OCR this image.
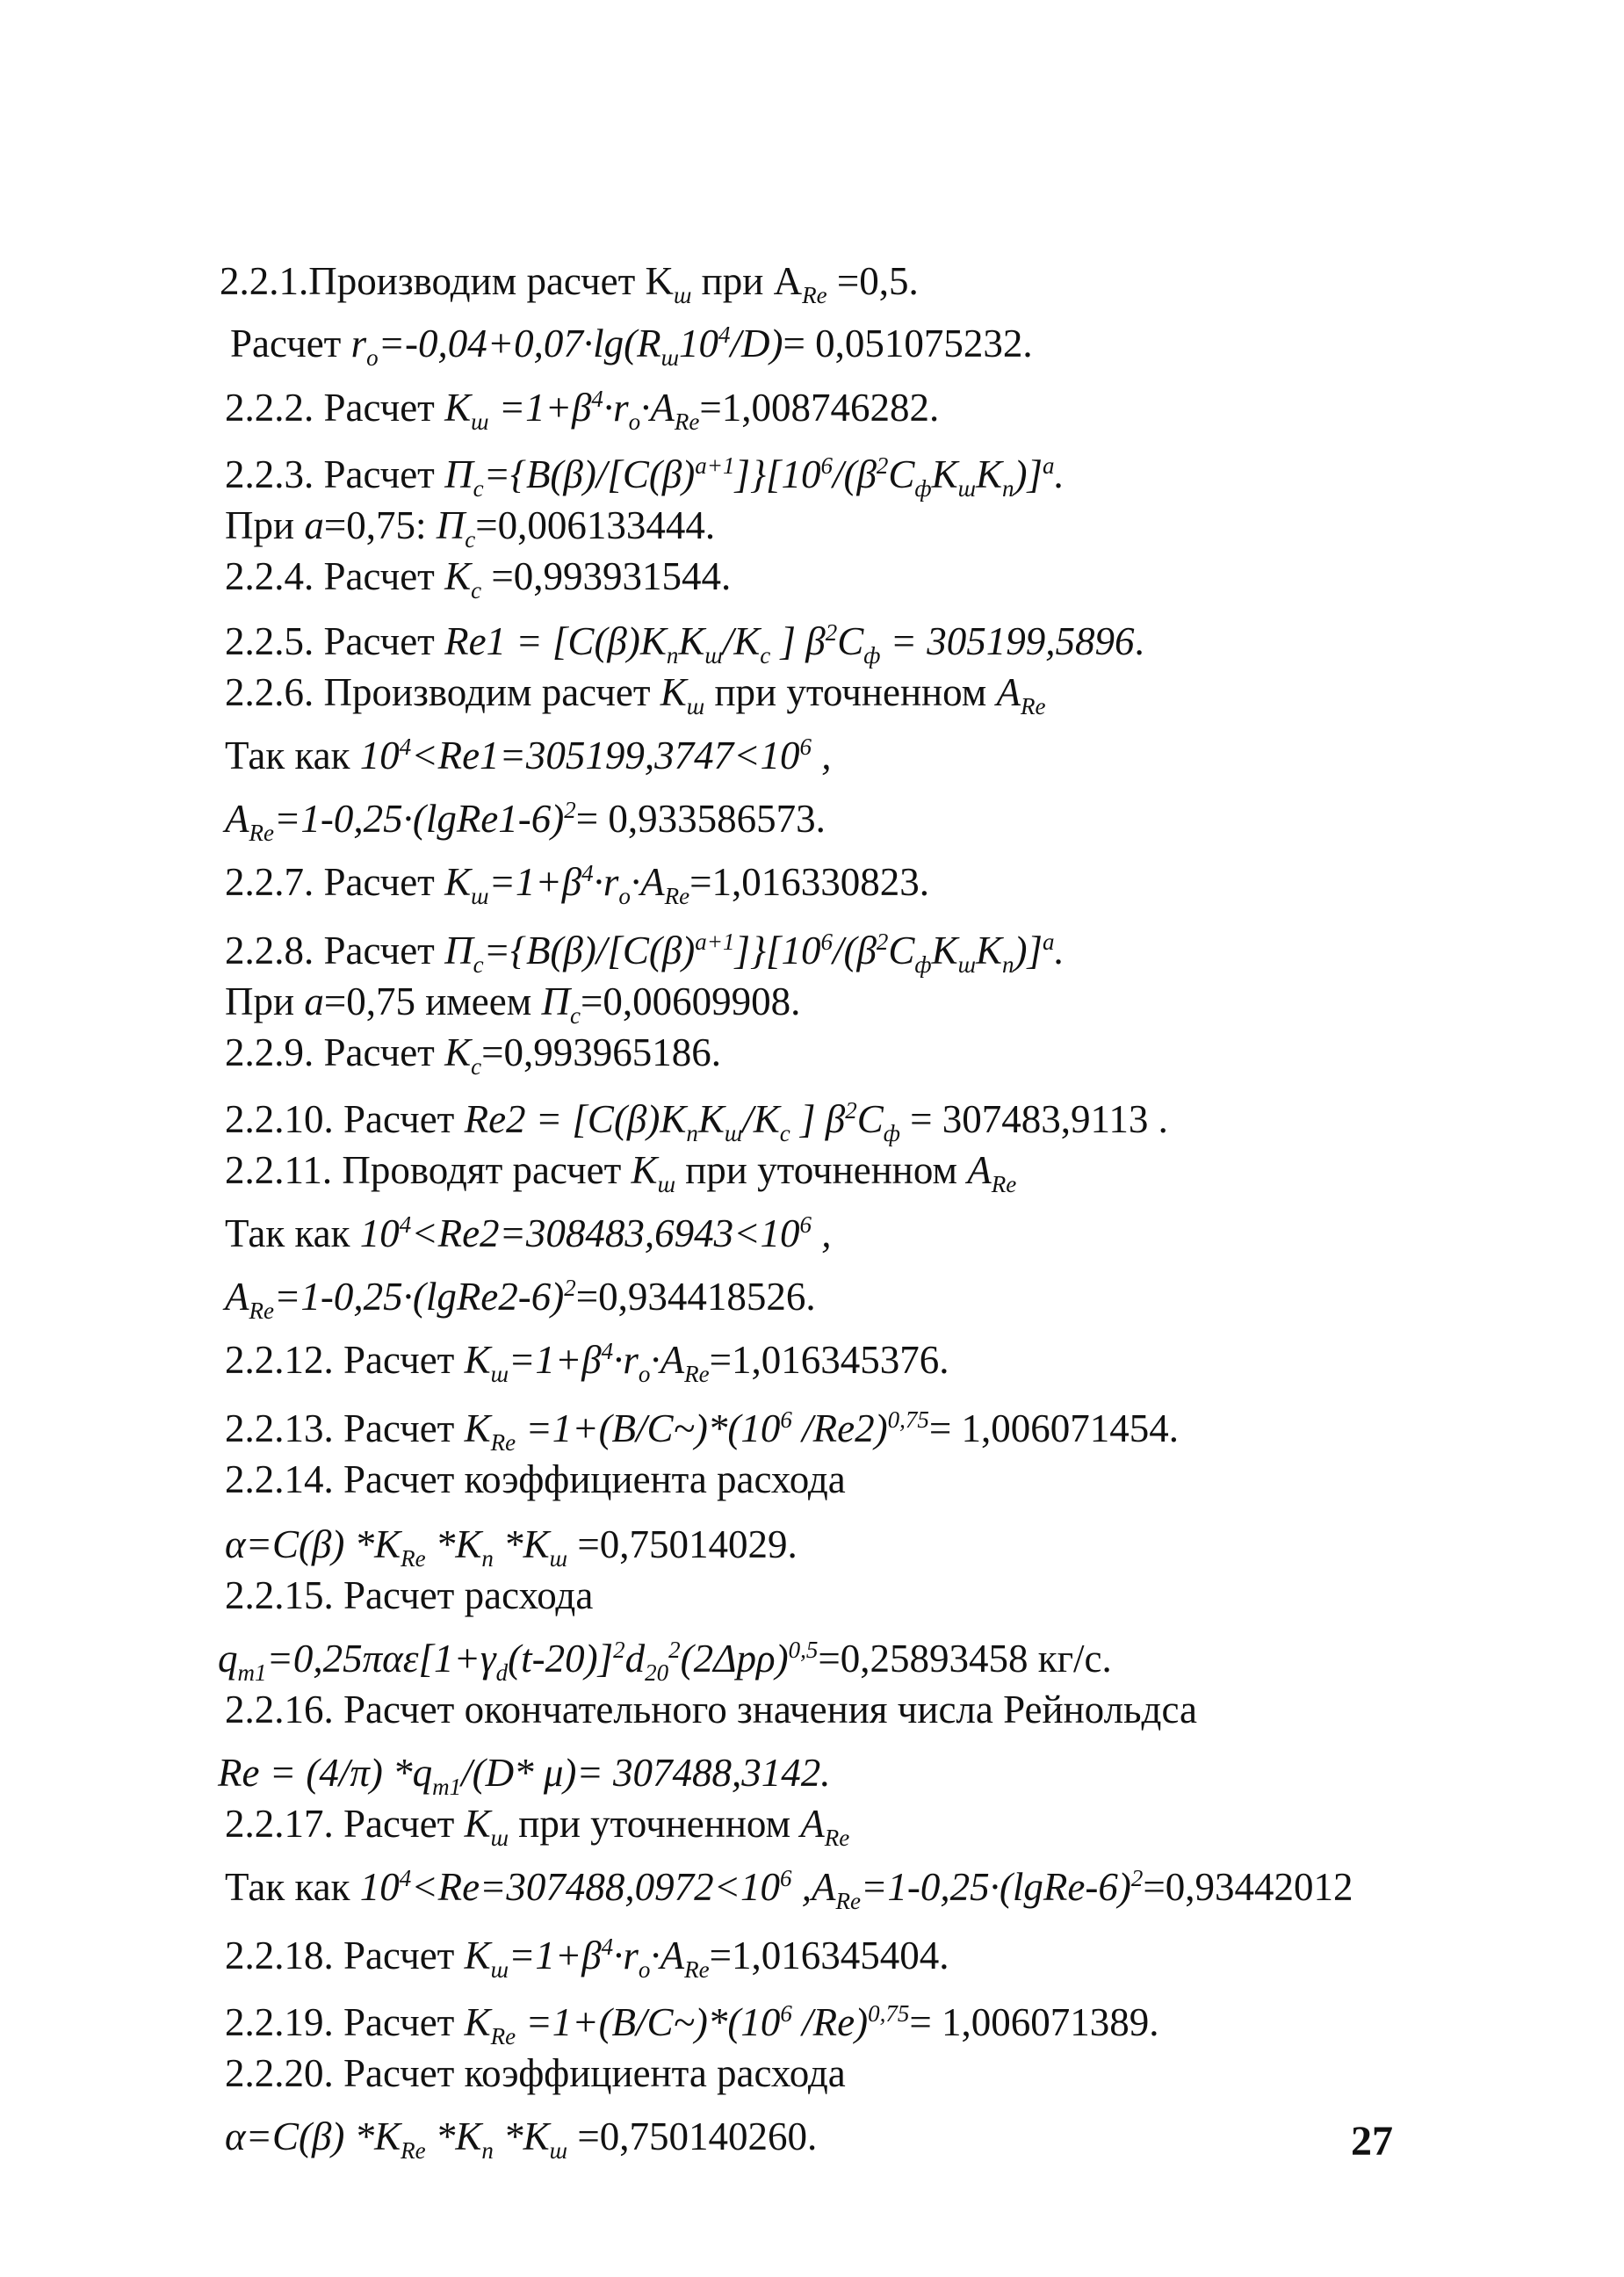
2.2.1.Производим расчет $K_ш$ при $A_{Re} =0,5$.
Расчет $r_o=-0,04+0,07\cdot\lg(R_ш10^4/D)= 0,051075232$.
2.2.2. Расчет $K_ш =1+\beta^4\cdot r_o\cdot A_{Re}=1,008746282$.
2.2.3. Расчет $П_c=\{B(\beta)/[C(\beta)^{a+1}]\}[10^6/(\beta^2C_фK_шK_п)]^a$.
При a=0,75: $П_c=0,006133444$.
2.2.4. Расчет $K_c =0,993931544$.
2.2.5. Расчет $Re1 = [C(\beta)K_пK_ш/K_c$ ] $\beta^2C_ф = 305199,5896$.
2.2.6. Производим расчет $K_ш$ при уточненном $A_{Re}$
Так как $10^4<Re1=305199,3747<10^6$ ,
$A_{Re}=1-0,25\cdot(lgRe1-6)^2= 0,933586573$.
2.2.7. Расчет $K_ш=1+\beta^4\cdot r_o\cdot A_{Re}=1,016330823$.
2.2.8. Расчет $П_c=\{B(\beta)/[C(\beta)^{a+1}]\}[10^6/(\beta^2C_фK_шK_п)]^a$.
При a=0,75 имеем $П_c=0,00609908$.
2.2.9. Расчет $K_c=0,993965186$.
2.2.10. Расчет $Re2 = [C(\beta)K_пK_ш/K_c$ ] $\beta^2C_ф = 307483,9113$ .
2.2.11. Проводят расчет $K_ш$ при уточненном $A_{Re}$
Так как $10^4<Re2=308483,6943<10^6$ ,
$A_{Re}=1-0,25\cdot(lgRe2-6)^2=0,934418526$.
2.2.12. Расчет $K_ш=1+\beta^4\cdot r_o\cdot A_{Re}=1,016345376$.
2.2.13. Расчет $K_{Re}$ $=1+(B/C\sim)*(10^6$ /Re2)$^{0,75}$= 1,006071454.
2.2.14. Расчет коэффициента расхода
α=C(β) $*K_{Re}$ $*K_п$ $*K_ш =0,75014029$.
2.2.15. Расчет расхода
$q_{m1}=0,25\pi\alpha\varepsilon[1+\gamma_d(t-20)]^2d_{20}^2(2\Delta p\rho)^{0,5}=0,25893458$ кг/с.
2.2.16. Расчет окончательного значения числа Рейнольдса
Re = (4/π) $*q_{m1}/(D*$ μ)= 307488,3142.
2.2.17. Расчет $K_ш$ при уточненном $A_{Re}$
Так как $10^4<Re=307488,0972<10^6$ $,A_{Re}=1-0,25\cdot(lgRe-6)^2=0,93442012$
2.2.18. Расчет $K_ш=1+\beta^4\cdot r_o\cdot A_{Re}=1,016345404$.
2.2.19. Расчет $K_{Re}$ $=1+(B/C\sim)*(10^6$ /Re)$^{0,75}$= 1,006071389.
2.2.20. Расчет коэффициента расхода
α=C(β) $*K_{Re}$ $*K_п$ $*K_ш =0,750140260$.	27
